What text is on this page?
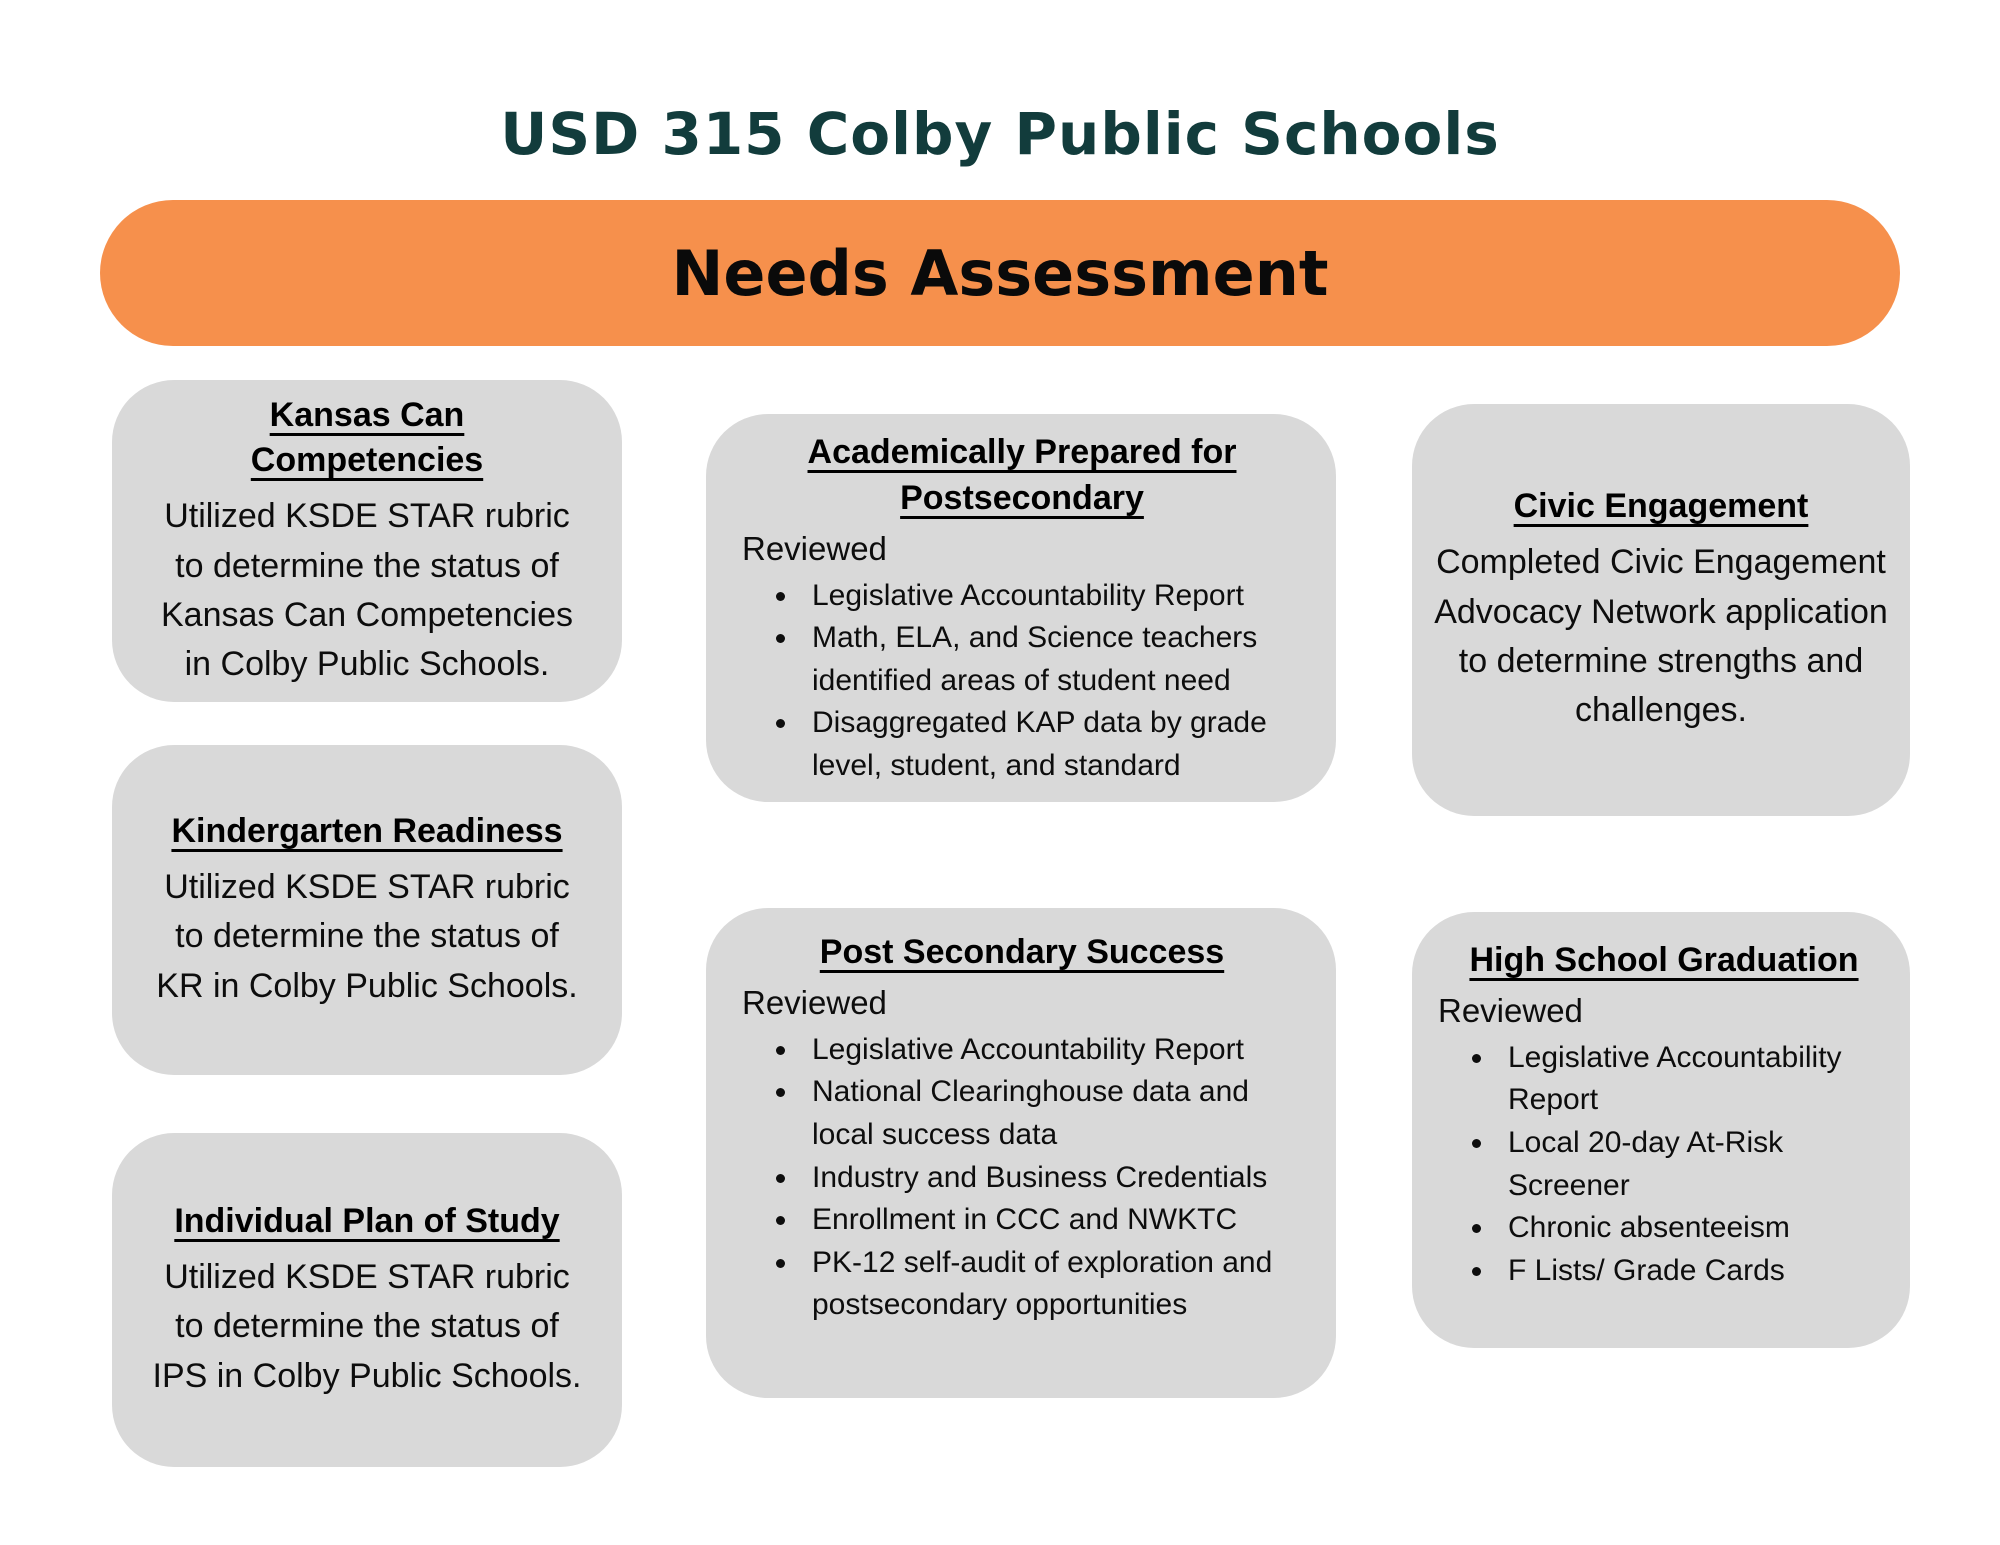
USD 315 Colby Public Schools
Needs Assessment
Kansas Can Competencies

Utilized KSDE STAR rubric to determine the status of Kansas Can Competencies in Colby Public Schools.

Kindergarten Readiness

Utilized KSDE STAR rubric to determine the status of KR in Colby Public Schools.

Individual Plan of Study

Utilized KSDE STAR rubric to determine the status of IPS in Colby Public Schools.

Academically Prepared for Postsecondary
Reviewed
• Legislative Accountability Report
• Math, ELA, and Science teachers identified areas of student need
• Disaggregated KAP data by grade level, student, and standard
Post Secondary Success
Reviewed
• Legislative Accountability Report
• National Clearinghouse data and local success data
• Industry and Business Credentials
• Enrollment in CCC and NWKTC
• PK-12 self-audit of exploration and postsecondary opportunities
Civic Engagement

Completed Civic Engagement Advocacy Network application to determine strengths and challenges.

High School Graduation
Reviewed
• Legislative Accountability Report
• Local 20-day At-Risk Screener
• Chronic absenteeism
• F Lists/ Grade Cards
